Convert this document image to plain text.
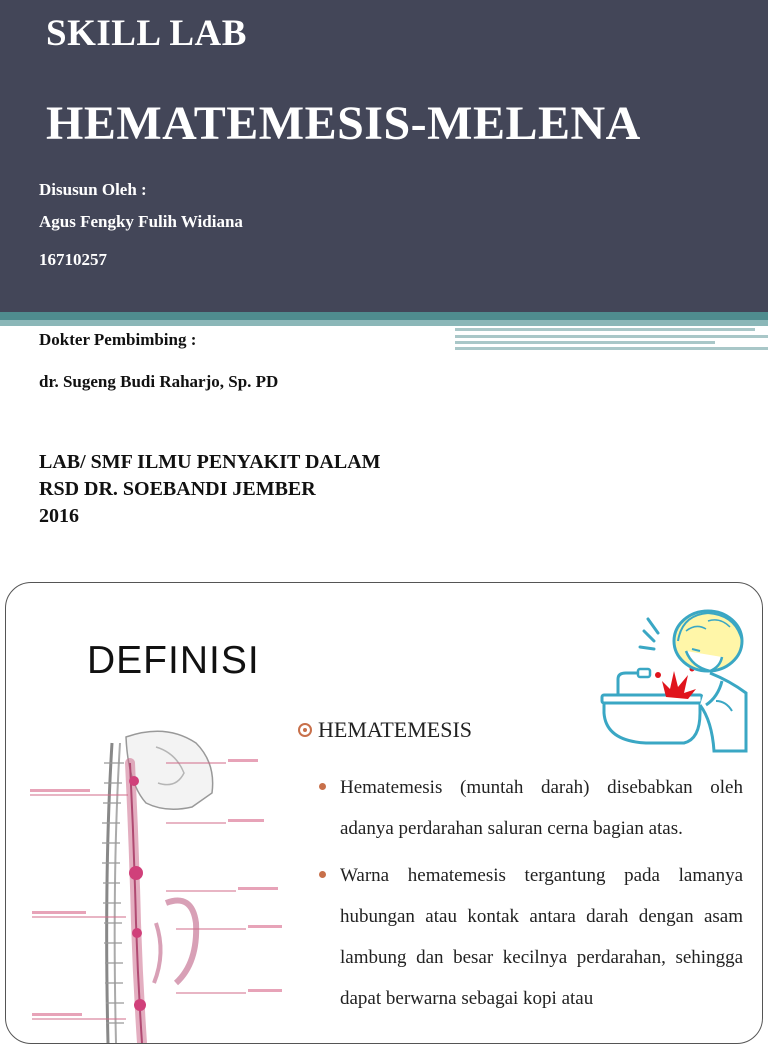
SKILL LAB
HEMATEMESIS-MELENA
Disusun Oleh :
Agus Fengky Fulih Widiana
16710257
Dokter Pembimbing :
dr. Sugeng Budi Raharjo, Sp. PD
LAB/ SMF ILMU PENYAKIT DALAM
RSD DR. SOEBANDI JEMBER
2016
DEFINISI
HEMATEMESIS
Hematemesis (muntah darah) disebabkan oleh adanya perdarahan saluran cerna bagian atas.
Warna hematemesis tergantung pada lamanya hubungan atau kontak antara darah dengan asam lambung dan besar kecilnya perdarahan, sehingga dapat berwarna sebagai kopi atau
